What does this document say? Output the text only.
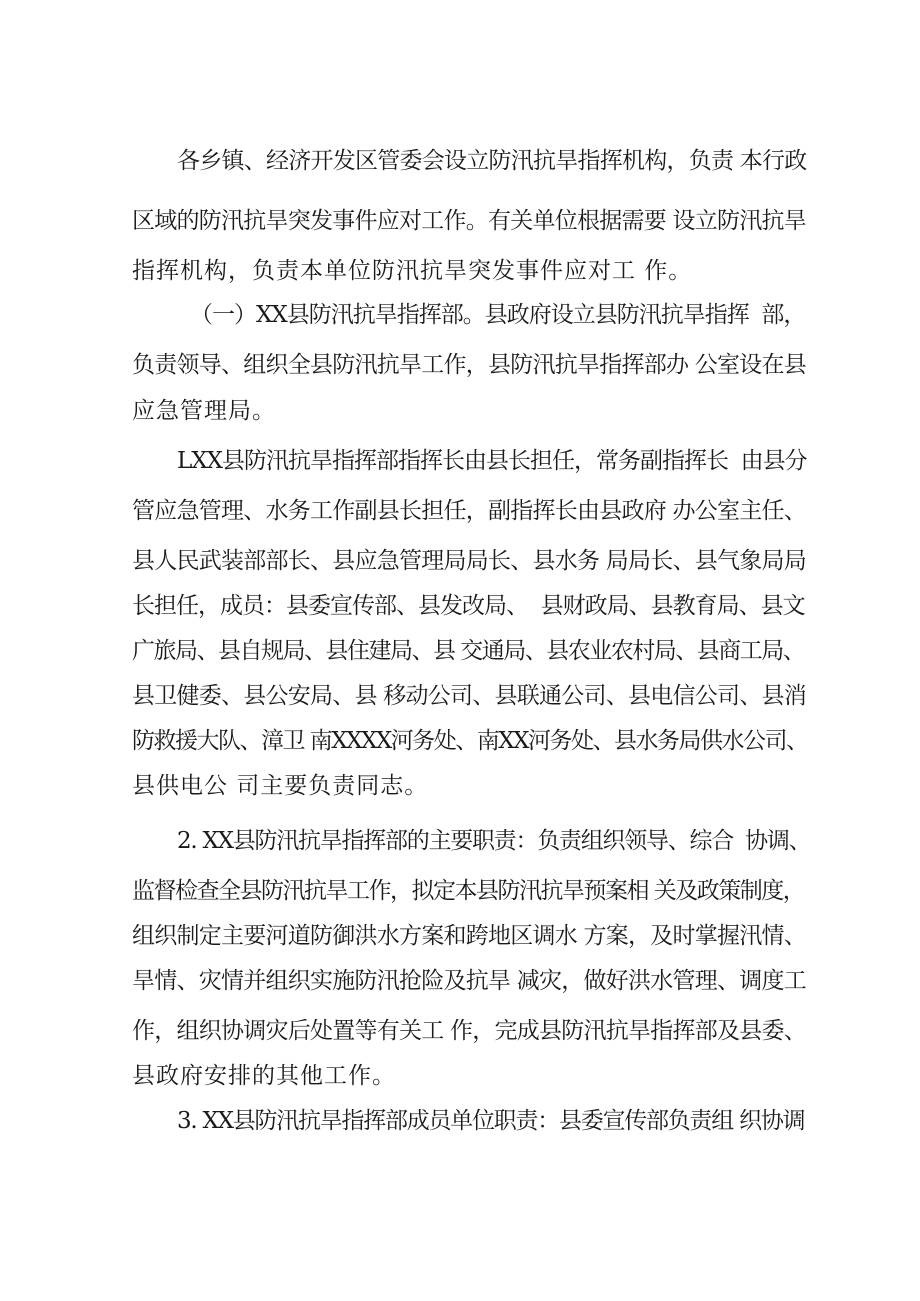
各乡镇、经济开发区管委会设立防汛抗旱指挥机构，负责 本行政

区域的防汛抗旱突发事件应对工作。有关单位根据需要 设立防汛抗旱

指挥机构，负责本单位防汛抗旱突发事件应对工 作。

（一）XX县防汛抗旱指挥部。县政府设立县防汛抗旱指挥  部，

负责领导、组织全县防汛抗旱工作，县防汛抗旱指挥部办 公室设在县

应急管理局。

LXX县防汛抗旱指挥部指挥长由县长担任，常务副指挥长  由县分

管应急管理、水务工作副县长担任，副指挥长由县政府 办公室主任、

县人民武装部部长、县应急管理局局长、县水务 局局长、县气象局局

长担任，成员：县委宣传部、县发改局、  县财政局、县教育局、县文

广旅局、县自规局、县住建局、县 交通局、县农业农村局、县商工局、

县卫健委、县公安局、县 移动公司、县联通公司、县电信公司、县消

防救援大队、漳卫 南XXXX河务处、南XX河务处、县水务局供水公司、

县供电公 司主要负责同志。

2. XX县防汛抗旱指挥部的主要职责：负责组织领导、综合  协调、

监督检查全县防汛抗旱工作，拟定本县防汛抗旱预案相 关及政策制度，

组织制定主要河道防御洪水方案和跨地区调水 方案，及时掌握汛情、

旱情、灾情并组织实施防汛抢险及抗旱 减灾，做好洪水管理、调度工

作，组织协调灾后处置等有关工 作，完成县防汛抗旱指挥部及县委、

县政府安排的其他工作。

3. XX县防汛抗旱指挥部成员单位职责：县委宣传部负责组 织协调
